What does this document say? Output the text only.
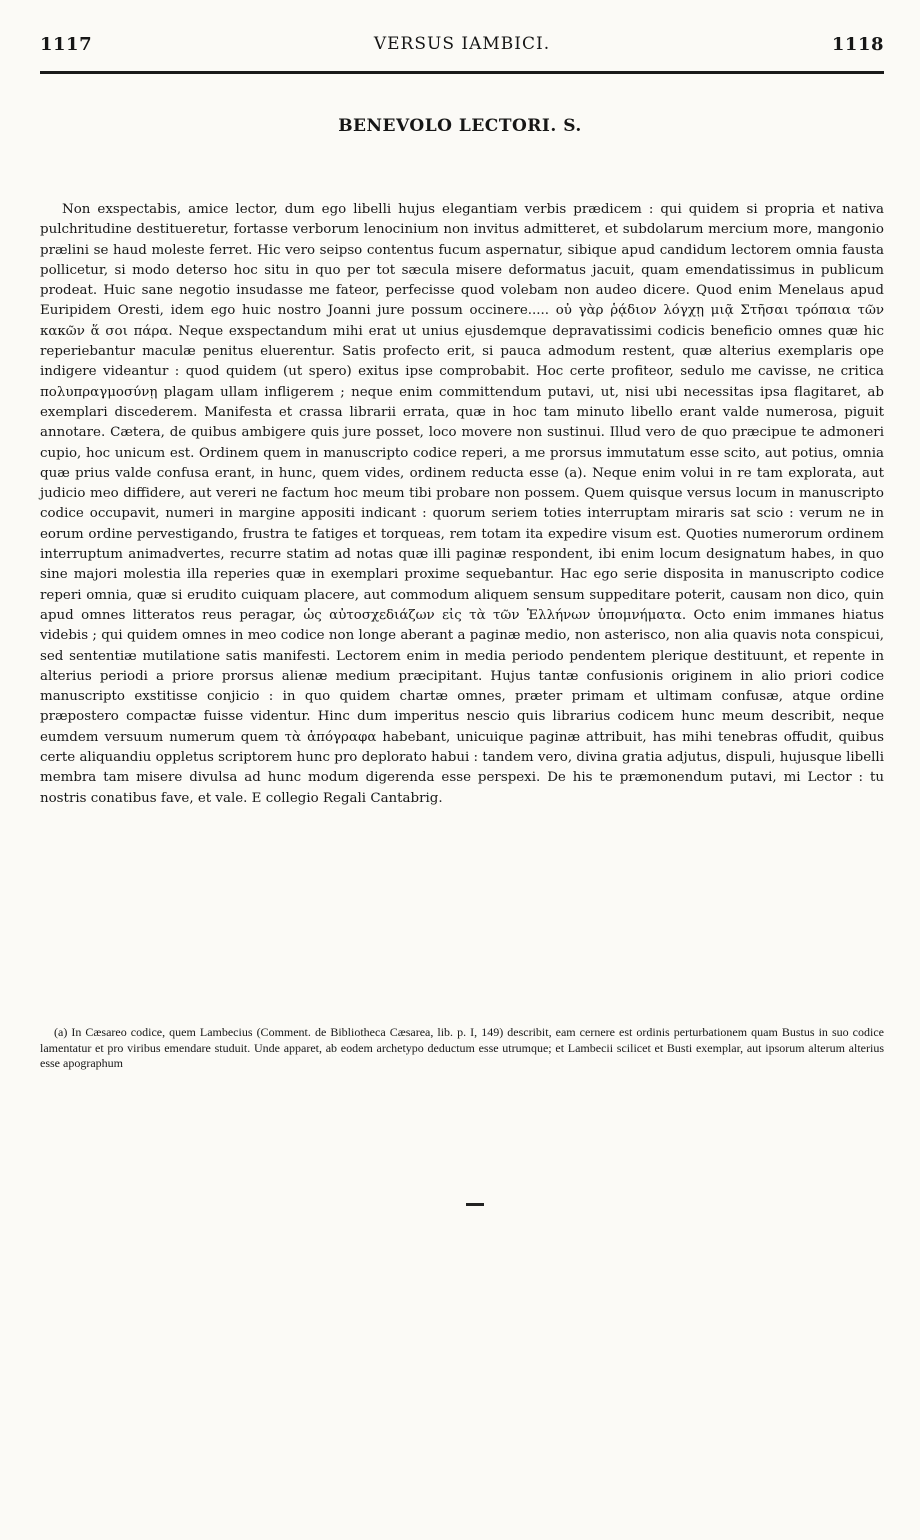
1117	VERSUS IAMBICI.	1118
BENEVOLO LECTORI. S.

Non exspectabis, amice lector, dum ego libelli hujus elegantiam verbis prædicem : qui quidem si propria et nativa pulchritudine destitueretur, fortasse verborum lenocinium non invitus admitteret, et subdolarum mercium more, mangonio prælini se haud moleste ferret. Hic vero seipso contentus fucum aspernatur, sibique apud candidum lectorem omnia fausta pollicetur, si modo deterso hoc situ in quo per tot sæcula misere deformatus jacuit, quam emendatissimus in publicum prodeat. Huic sane negotio insudasse me fateor, perfecisse quod volebam non audeo dicere. Quod enim Menelaus apud Euripidem Oresti, idem ego huic nostro Joanni jure possum occinere..... οὐ γὰρ ῥᾴδιον λόγχῃ μιᾷ Στῆσαι τρόπαια τῶν κακῶν ἅ σοι πάρα. Neque exspectandum mihi erat ut unius ejusdemque depravatissimi codicis beneficio omnes quæ hic reperiebantur maculæ penitus eluerentur. Satis profecto erit, si pauca admodum restent, quæ alterius exemplaris ope indigere videantur : quod quidem (ut spero) exitus ipse comprobabit. Hoc certe profiteor, sedulo me cavisse, ne critica πολυπραγμοσύνῃ plagam ullam infligerem ; neque enim committendum putavi, ut, nisi ubi necessitas ipsa flagitaret, ab exemplari discederem. Manifesta et crassa librarii errata, quæ in hoc tam minuto libello erant valde numerosa, piguit annotare. Cætera, de quibus ambigere quis jure posset, loco movere non sustinui. Illud vero de quo præcipue te admoneri cupio, hoc unicum est. Ordinem quem in manuscripto codice reperi, a me prorsus immutatum esse scito, aut potius, omnia quæ prius valde confusa erant, in hunc, quem vides, ordinem reducta esse (a). Neque enim volui in re tam explorata, aut judicio meo diffidere, aut vereri ne factum hoc meum tibi probare non possem. Quem quisque versus locum in manuscripto codice occupavit, numeri in margine appositi indicant : quorum seriem toties interruptam miraris sat scio : verum ne in eorum ordine pervestigando, frustra te fatiges et torqueas, rem totam ita expedire visum est. Quoties numerorum ordinem interruptum animadvertes, recurre statim ad notas quæ illi paginæ respondent, ibi enim locum designatum habes, in quo sine majori molestia illa reperies quæ in exemplari proxime sequebantur. Hac ego serie disposita in manuscripto codice reperi omnia, quæ si erudito cuiquam placere, aut commodum aliquem sensum suppeditare poterit, causam non dico, quin apud omnes litteratos reus peragar, ὡς αὐτοσχεδιάζων εἰς τὰ τῶν Ἑλλήνων ὑπομνήματα. Octo enim immanes hiatus videbis ; qui quidem omnes in meo codice non longe aberant a paginæ medio, non asterisco, non alia quavis nota conspicui, sed sententiæ mutilatione satis manifesti. Lectorem enim in media periodo pendentem plerique destituunt, et repente in alterius periodi a priore prorsus alienæ medium præcipitant. Hujus tantæ confusionis originem in alio priori codice manuscripto exstitisse conjicio : in quo quidem chartæ omnes, præter primam et ultimam confusæ, atque ordine præpostero compactæ fuisse videntur. Hinc dum imperitus nescio quis librarius codicem hunc meum describit, neque eumdem versuum numerum quem τὰ ἀπόγραφα habebant, unicuique paginæ attribuit, has mihi tenebras offudit, quibus certe aliquandiu oppletus scriptorem hunc pro deplorato habui : tandem vero, divina gratia adjutus, dispuli, hujusque libelli membra tam misere divulsa ad hunc modum digerenda esse perspexi. De his te præmonendum putavi, mi Lector : tu nostris conatibus fave, et vale. E collegio Regali Cantabrig.

(a) In Cæsareo codice, quem Lambecius (Comment. de Bibliotheca Cæsarea, lib. p. I, 149) describit, eam cernere est ordinis perturbationem quam Bustus in suo codice lamentatur et pro viribus emendare studuit. Unde apparet, ab eodem archetypo deductum esse utrumque; et Lambecii scilicet et Busti exemplar, aut ipsorum alterum alterius esse apographum
